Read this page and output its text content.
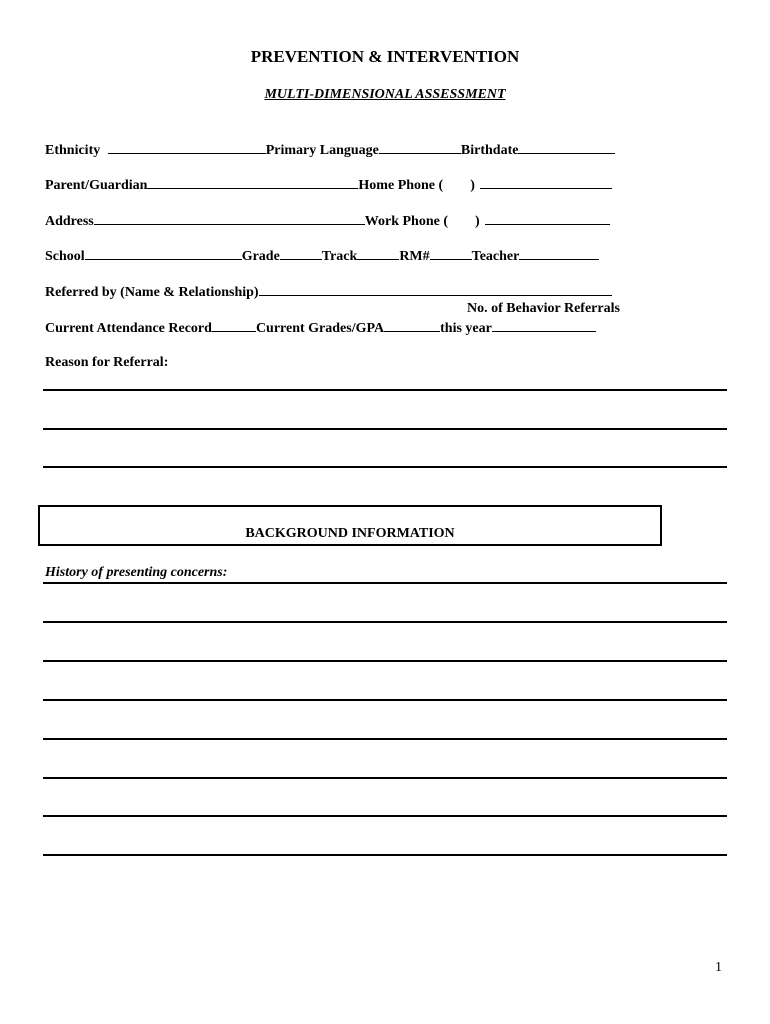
PREVENTION & INTERVENTION
MULTI-DIMENSIONAL ASSESSMENT
Ethnicity	Primary Language	Birthdate
Parent/Guardian	Home Phone ( )
Address	Work Phone ( )
School	Grade	Track	RM#	Teacher
Referred by (Name & Relationship)
No. of Behavior Referrals
Current Attendance Record	Current Grades/GPA	this year
Reason for Referral:
BACKGROUND INFORMATION
History of presenting concerns:
1
